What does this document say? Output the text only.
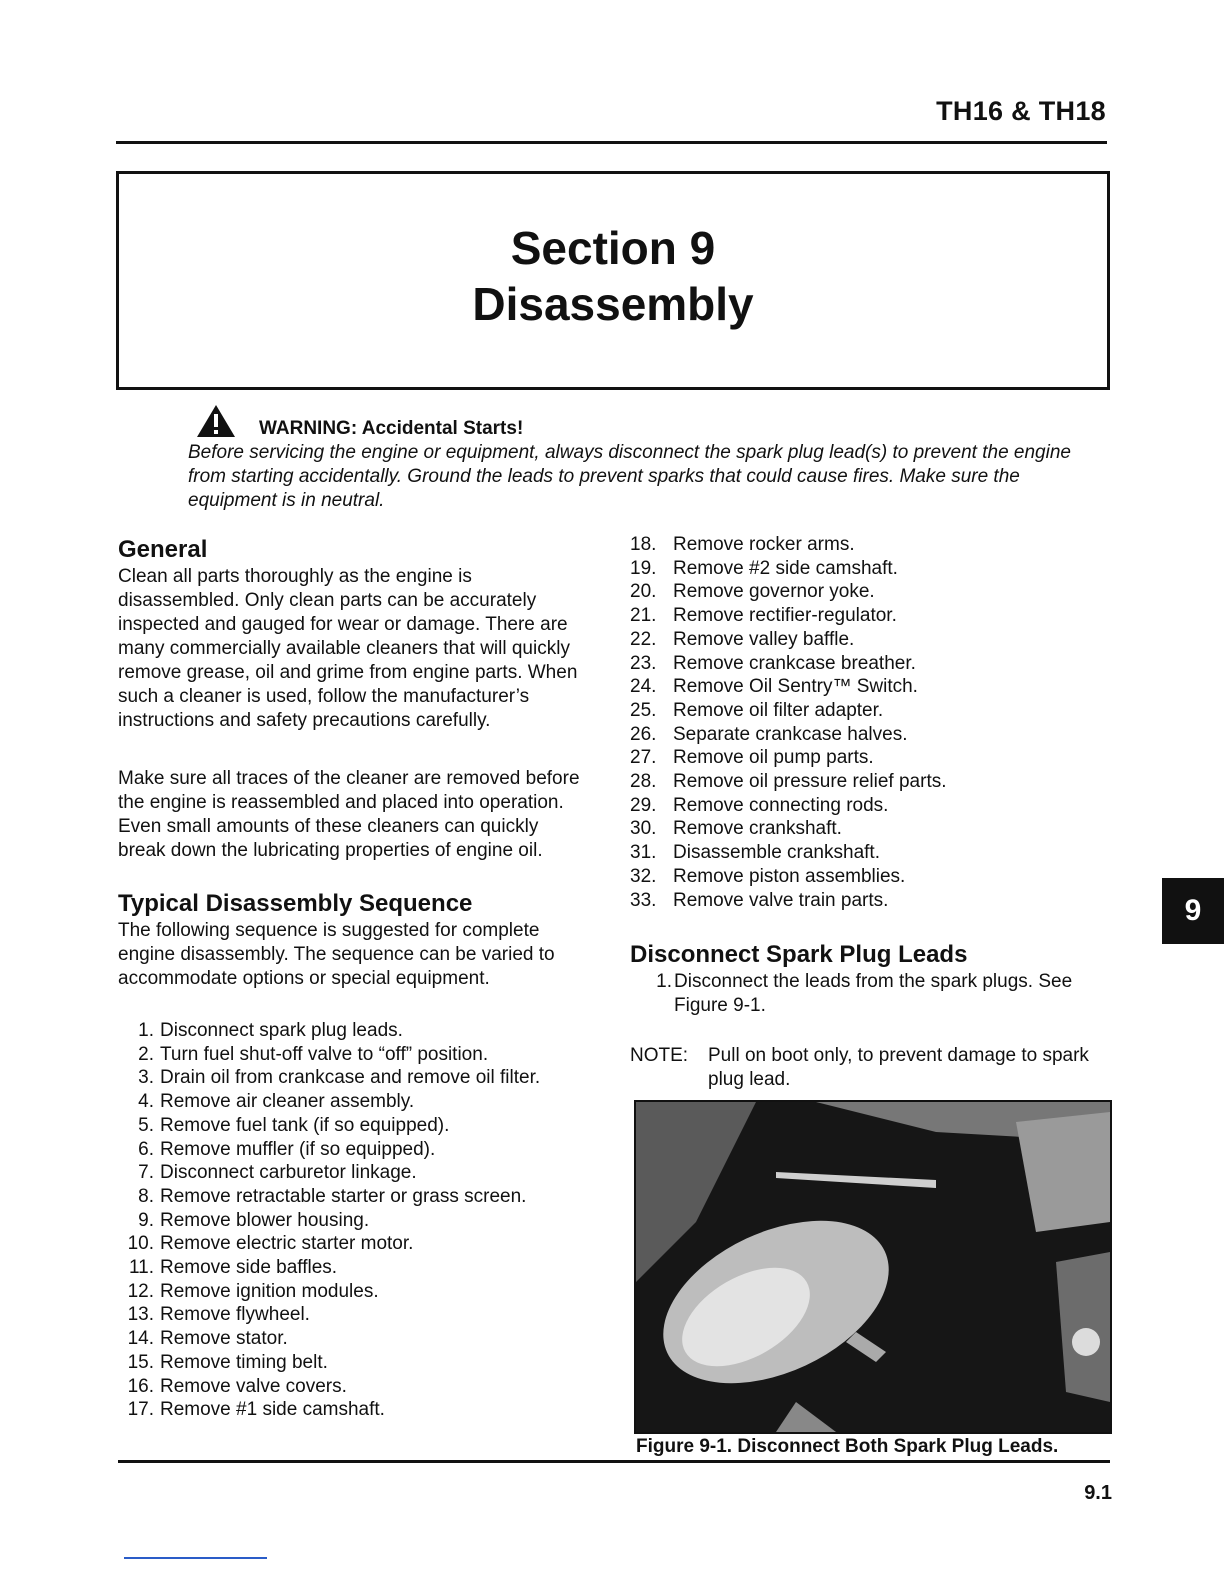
TH16 & TH18
Section 9
Disassembly
WARNING: Accidental Starts!
Before servicing the engine or equipment, always disconnect the spark plug lead(s) to prevent the engine
from starting accidentally. Ground the leads to prevent sparks that could cause fires. Make sure the
equipment is in neutral.
General

Clean all parts thoroughly as the engine is
disassembled. Only clean parts can be accurately
inspected and gauged for wear or damage. There are
many commercially available cleaners that will quickly
remove grease, oil and grime from engine parts. When
such a cleaner is used, follow the manufacturer’s
instructions and safety precautions carefully.

Make sure all traces of the cleaner are removed before
the engine is reassembled and placed into operation.
Even small amounts of these cleaners can quickly
break down the lubricating properties of engine oil.

Typical Disassembly Sequence

The following sequence is suggested for complete
engine disassembly. The sequence can be varied to
accommodate options or special equipment.

1. Disconnect spark plug leads.
2. Turn fuel shut-off valve to “off” position.
3. Drain oil from crankcase and remove oil filter.
4. Remove air cleaner assembly.
5. Remove fuel tank (if so equipped).
6. Remove muffler (if so equipped).
7. Disconnect carburetor linkage.
8. Remove retractable starter or grass screen.
9. Remove blower housing.
10. Remove electric starter motor.
11. Remove side baffles.
12. Remove ignition modules.
13. Remove flywheel.
14. Remove stator.
15. Remove timing belt.
16. Remove valve covers.
17. Remove #1 side camshaft.
18. Remove rocker arms.
19. Remove #2 side camshaft.
20. Remove governor yoke.
21. Remove rectifier-regulator.
22. Remove valley baffle.
23. Remove crankcase breather.
24. Remove Oil Sentry™ Switch.
25. Remove oil filter adapter.
26. Separate crankcase halves.
27. Remove oil pump parts.
28. Remove oil pressure relief parts.
29. Remove connecting rods.
30. Remove crankshaft.
31. Disassemble crankshaft.
32. Remove piston assemblies.
33. Remove valve train parts.
Disconnect Spark Plug Leads
1. Disconnect the leads from the spark plugs. See
Figure 9-1.
NOTE:	Pull on boot only, to prevent damage to spark
plug lead.
Figure 9-1. Disconnect Both Spark Plug Leads.
9.1
9
